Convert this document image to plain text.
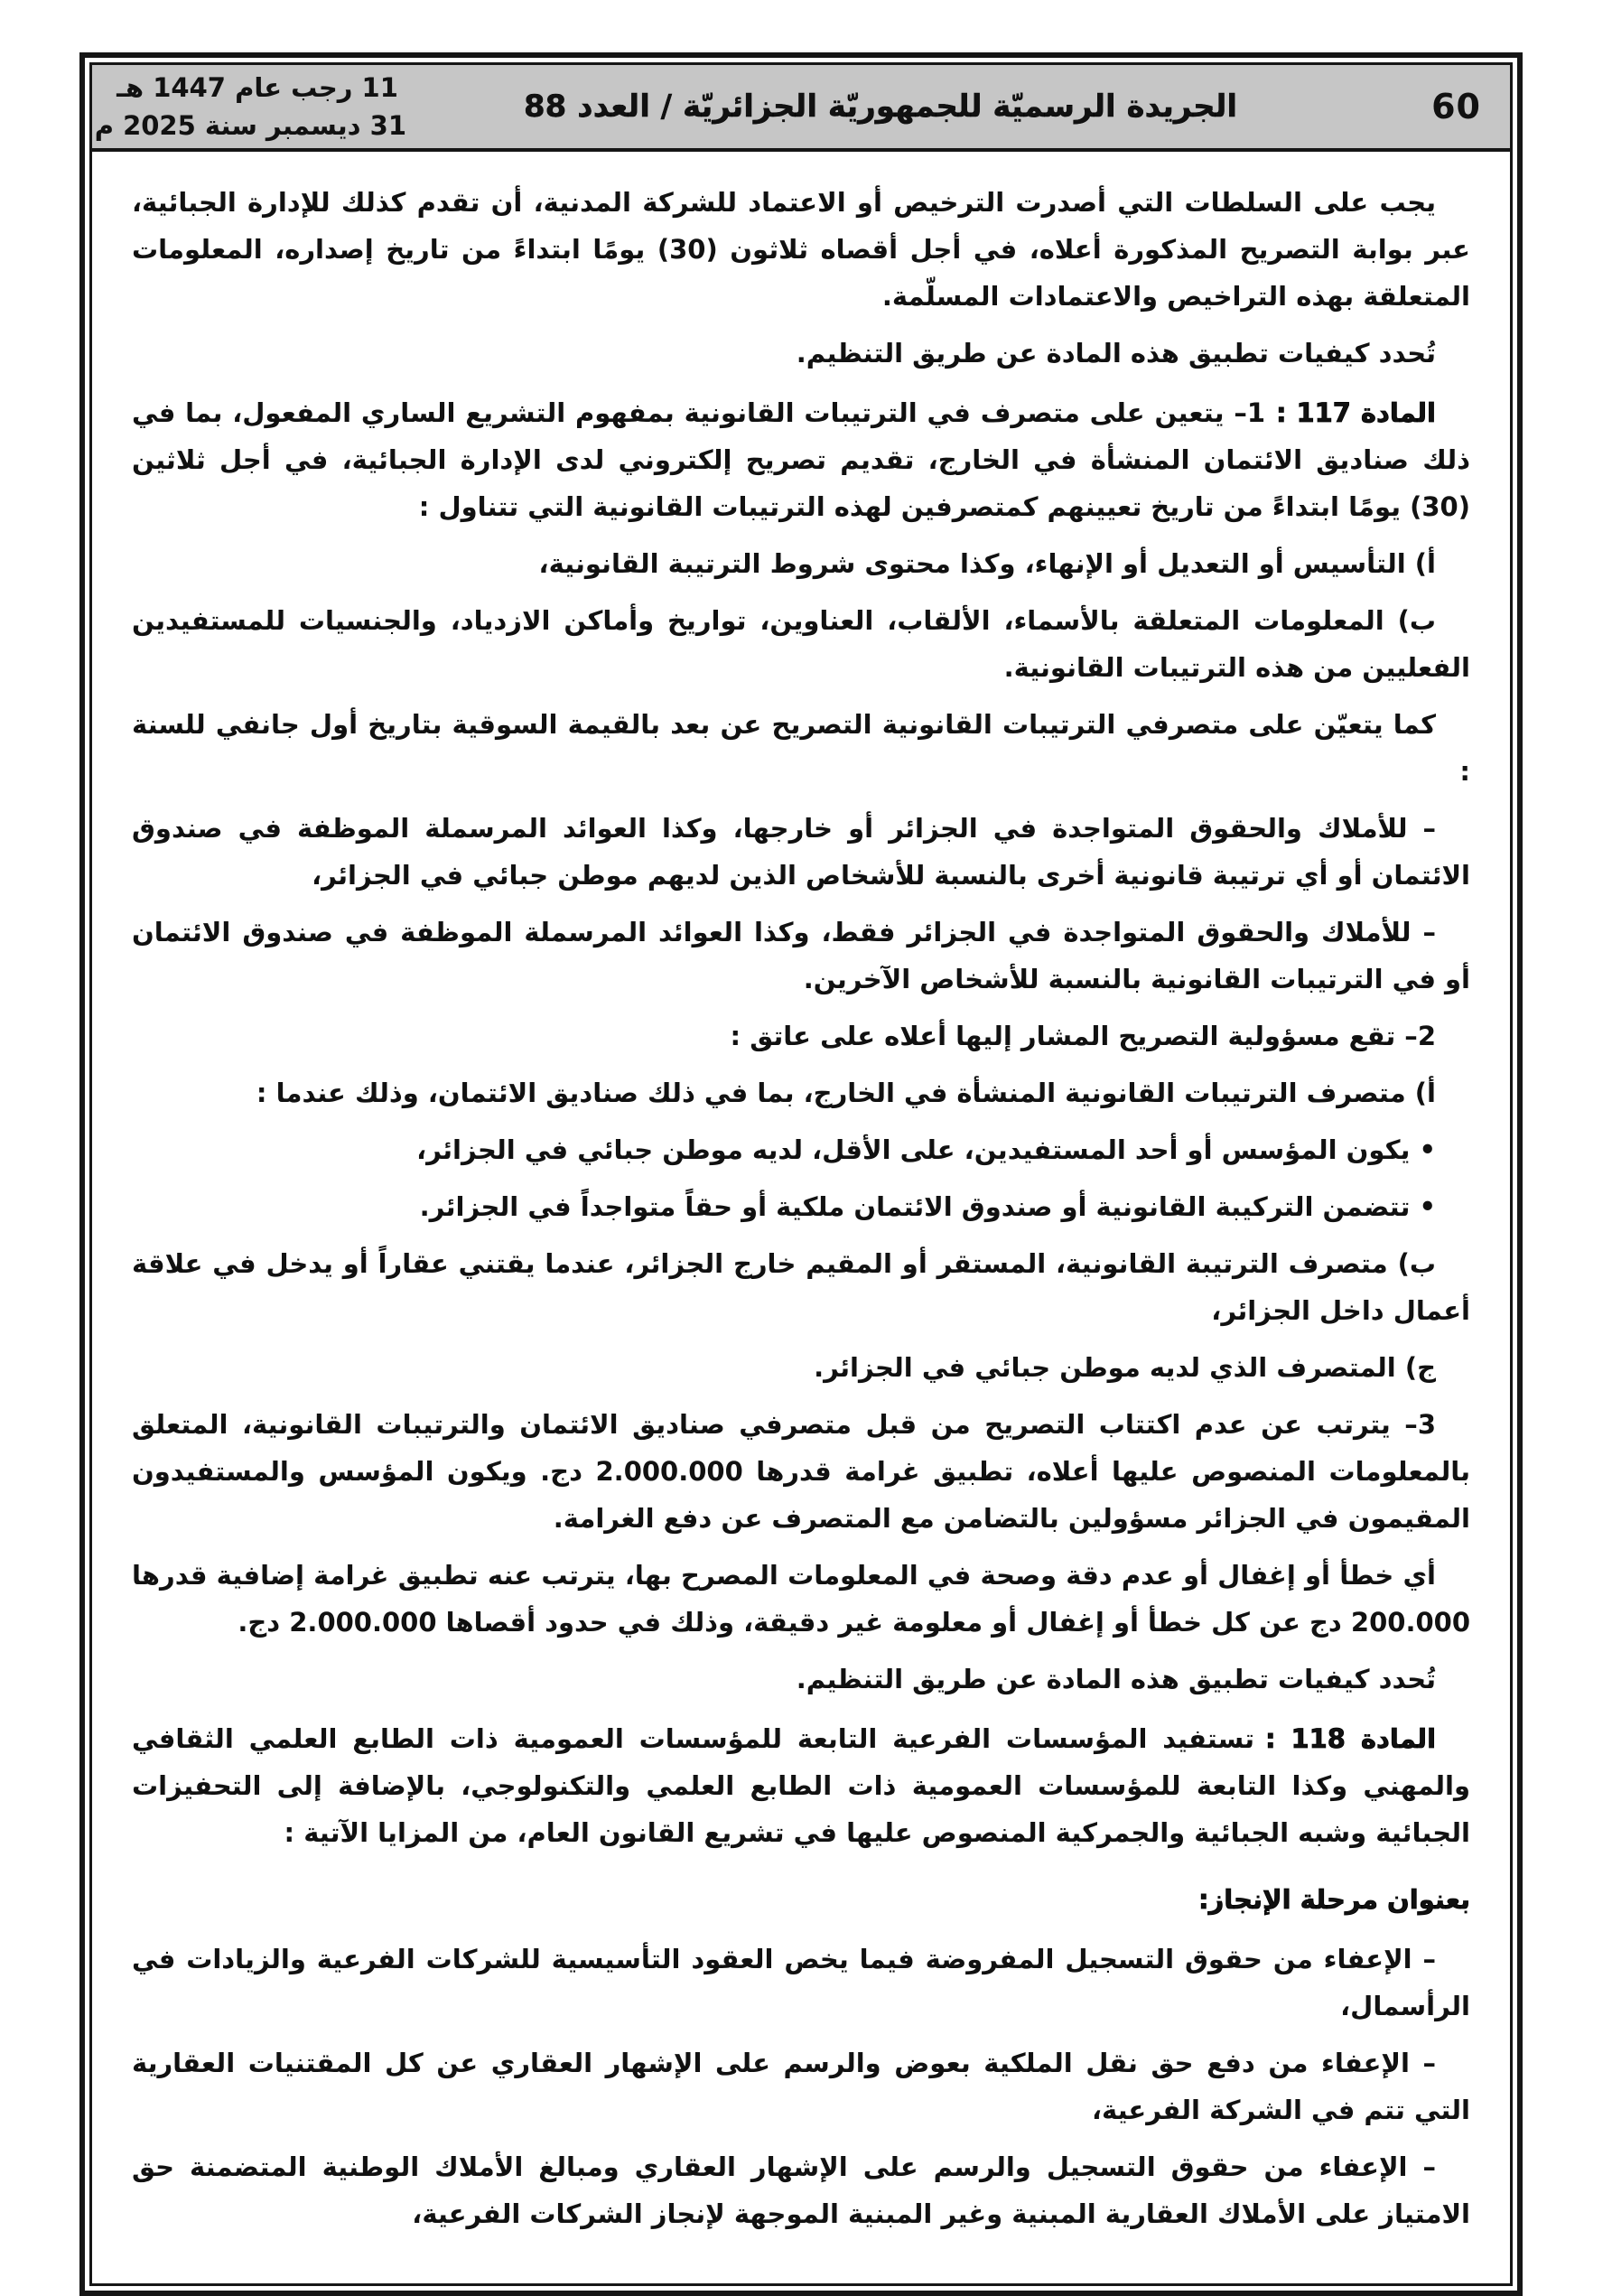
60
الجريدة الرسميّة للجمهوريّة الجزائريّة / العدد 88
11 رجب عام 1447 هـ
31 ديسمبر سنة 2025 م

يجب على السلطات التي أصدرت الترخيص أو الاعتماد للشركة المدنية، أن تقدم كذلك للإدارة الجبائية، عبر بوابة التصريح المذكورة أعلاه، في أجل أقصاه ثلاثون (30) يومًا ابتداءً من تاريخ إصداره، المعلومات المتعلقة بهذه التراخيص والاعتمادات المسلّمة.

تُحدد كيفيات تطبيق هذه المادة عن طريق التنظيم.

المادة 117 :1– يتعين على متصرف في الترتيبات القانونية بمفهوم التشريع الساري المفعول، بما في ذلك صناديق الائتمان المنشأة في الخارج، تقديم تصريح إلكتروني لدى الإدارة الجبائية، في أجل ثلاثين (30) يومًا ابتداءً من تاريخ تعيينهم كمتصرفين لهذه الترتيبات القانونية التي تتناول :

أ) التأسيس أو التعديل أو الإنهاء، وكذا محتوى شروط الترتيبة القانونية،

ب) المعلومات المتعلقة بالأسماء، الألقاب، العناوين، تواريخ وأماكن الازدياد، والجنسيات للمستفيدين الفعليين من هذه الترتيبات القانونية.

كما يتعيّن على متصرفي الترتيبات القانونية التصريح عن بعد بالقيمة السوقية بتاريخ أول جانفي للسنة :

– للأملاك والحقوق المتواجدة في الجزائر أو خارجها، وكذا العوائد المرسملة الموظفة في صندوق الائتمان أو أي ترتيبة قانونية أخرى بالنسبة للأشخاص الذين لديهم موطن جبائي في الجزائر،

– للأملاك والحقوق المتواجدة في الجزائر فقط، وكذا العوائد المرسملة الموظفة في صندوق الائتمان أو في الترتيبات القانونية بالنسبة للأشخاص الآخرين.

2– تقع مسؤولية التصريح المشار إليها أعلاه على عاتق :

أ) متصرف الترتيبات القانونية المنشأة في الخارج، بما في ذلك صناديق الائتمان، وذلك عندما :

• يكون المؤسس أو أحد المستفيدين، على الأقل، لديه موطن جبائي في الجزائر،

• تتضمن التركيبة القانونية أو صندوق الائتمان ملكية أو حقاً متواجداً في الجزائر.

ب) متصرف الترتيبة القانونية، المستقر أو المقيم خارج الجزائر، عندما يقتني عقاراً أو يدخل في علاقة أعمال داخل الجزائر،

ج) المتصرف الذي لديه موطن جبائي في الجزائر.

3– يترتب عن عدم اكتتاب التصريح من قبل متصرفي صناديق الائتمان والترتيبات القانونية، المتعلق بالمعلومات المنصوص عليها أعلاه، تطبيق غرامة قدرها 2.000.000 دج. ويكون المؤسس والمستفيدون المقيمون في الجزائر مسؤولين بالتضامن مع المتصرف عن دفع الغرامة.

أي خطأ أو إغفال أو عدم دقة وصحة في المعلومات المصرح بها، يترتب عنه تطبيق غرامة إضافية قدرها 200.000 دج عن كل خطأ أو إغفال أو معلومة غير دقيقة، وذلك في حدود أقصاها 2.000.000 دج.

تُحدد كيفيات تطبيق هذه المادة عن طريق التنظيم.

المادة 118 :تستفيد المؤسسات الفرعية التابعة للمؤسسات العمومية ذات الطابع العلمي الثقافي والمهني وكذا التابعة للمؤسسات العمومية ذات الطابع العلمي والتكنولوجي، بالإضافة إلى التحفيزات الجبائية وشبه الجبائية والجمركية المنصوص عليها في تشريع القانون العام، من المزايا الآتية :

بعنوان مرحلة الإنجاز:

– الإعفاء من حقوق التسجيل المفروضة فيما يخص العقود التأسيسية للشركات الفرعية والزيادات في الرأسمال،

– الإعفاء من دفع حق نقل الملكية بعوض والرسم على الإشهار العقاري عن كل المقتنيات العقارية التي تتم في الشركة الفرعية،

– الإعفاء من حقوق التسجيل والرسم على الإشهار العقاري ومبالغ الأملاك الوطنية المتضمنة حق الامتياز على الأملاك العقارية المبنية وغير المبنية الموجهة لإنجاز الشركات الفرعية،
